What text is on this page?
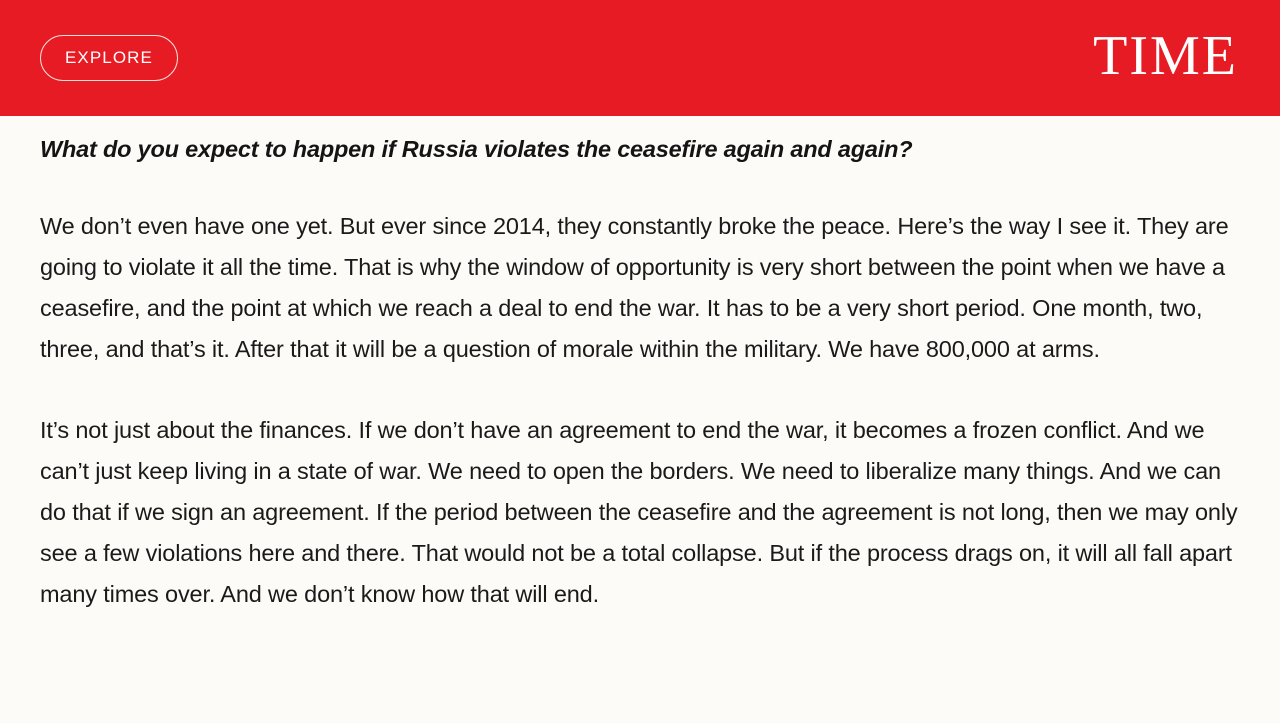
EXPLORE	TIME
What do you expect to happen if Russia violates the ceasefire again and again?

We don’t even have one yet. But ever since 2014, they constantly broke the peace. Here’s the way I see it. They are going to violate it all the time. That is why the window of opportunity is very short between the point when we have a ceasefire, and the point at which we reach a deal to end the war. It has to be a very short period. One month, two, three, and that’s it. After that it will be a question of morale within the military. We have 800,000 at arms.

It’s not just about the finances. If we don’t have an agreement to end the war, it becomes a frozen conflict. And we can’t just keep living in a state of war. We need to open the borders. We need to liberalize many things. And we can do that if we sign an agreement. If the period between the ceasefire and the agreement is not long, then we may only see a few violations here and there. That would not be a total collapse. But if the process drags on, it will all fall apart many times over. And we don’t know how that will end.
